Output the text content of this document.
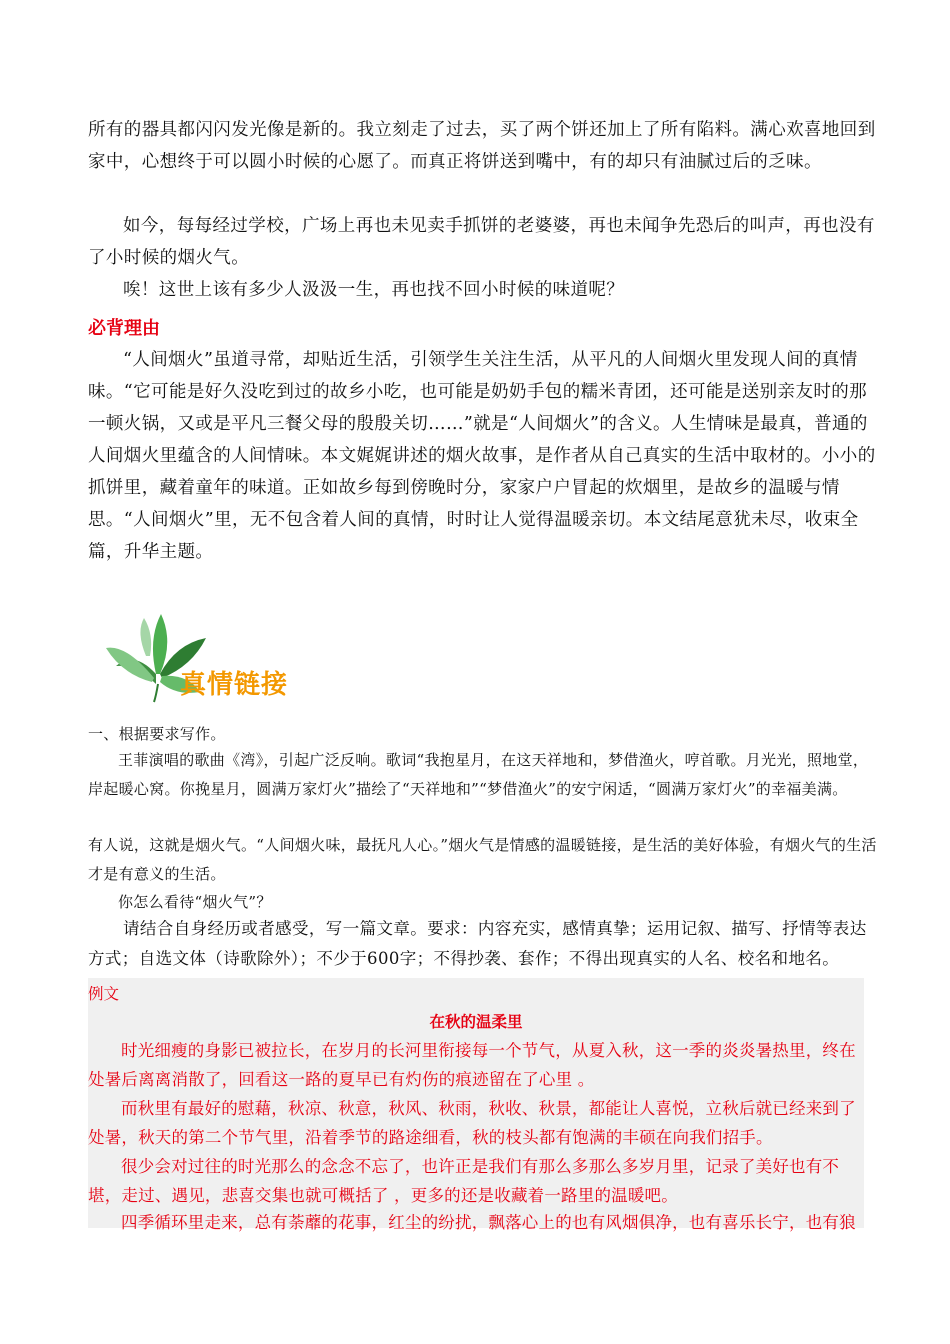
所有的器具都闪闪发光像是新的。我立刻走了过去，买了两个饼还加上了所有陷料。满心欢喜地回到家中，心想终于可以圆小时候的心愿了。而真正将饼送到嘴中，有的却只有油腻过后的乏味。

如今，每每经过学校，广场上再也未见卖手抓饼的老婆婆，再也未闻争先恐后的叫声，再也没有了小时候的烟火气。

唉！这世上该有多少人汲汲一生，再也找不回小时候的味道呢？

必背理由

“人间烟火”虽道寻常，却贴近生活，引领学生关注生活，从平凡的人间烟火里发现人间的真情味。“它可能是好久没吃到过的故乡小吃，也可能是奶奶手包的糯米青团，还可能是送别亲友时的那一顿火锅，又或是平凡三餐父母的殷殷关切……”就是“人间烟火”的含义。人生情味是最真，普通的人间烟火里蕴含的人间情味。本文娓娓讲述的烟火故事，是作者从自己真实的生活中取材的。小小的抓饼里，藏着童年的味道。正如故乡每到傍晚时分，家家户户冒起的炊烟里，是故乡的温暖与情思。“人间烟火”里，无不包含着人间的真情，时时让人觉得温暖亲切。本文结尾意犹未尽，收束全篇，升华主题。

真情链接

一、根据要求写作。

王菲演唱的歌曲《湾》，引起广泛反响。歌词“我抱星月，在这天祥地和，梦借渔火，哼首歌。月光光，照地堂，岸起暖心窝。你挽星月，圆满万家灯火”描绘了“天祥地和”“梦借渔火”的安宁闲适，“圆满万家灯火”的幸福美满。

有人说，这就是烟火气。“人间烟火味，最抚凡人心。”烟火气是情感的温暖链接，是生活的美好体验，有烟火气的生活才是有意义的生活。

你怎么看待“烟火气”？

请结合自身经历或者感受，写一篇文章。要求：内容充实，感情真挚；运用记叙、描写、抒情等表达方式；自选文体（诗歌除外）；不少于600字；不得抄袭、套作；不得出现真实的人名、校名和地名。

例文
在秋的温柔里

时光细瘦的身影已被拉长，在岁月的长河里衔接每一个节气，从夏入秋，这一季的炎炎暑热里，终在处暑后离离消散了，回看这一路的夏早已有灼伤的痕迹留在了心里 。

而秋里有最好的慰藉，秋凉、秋意，秋风、秋雨，秋收、秋景，都能让人喜悦，立秋后就已经来到了处暑，秋天的第二个节气里，沿着季节的路途细看，秋的枝头都有饱满的丰硕在向我们招手。

很少会对过往的时光那么的念念不忘了，也许正是我们有那么多那么多岁月里，记录了美好也有不堪，走过、遇见，悲喜交集也就可概括了 ，更多的还是收藏着一路里的温暖吧。

四季循环里走来，总有荼蘼的花事，红尘的纷扰，飘落心上的也有风烟俱净，也有喜乐长宁，也有狼
